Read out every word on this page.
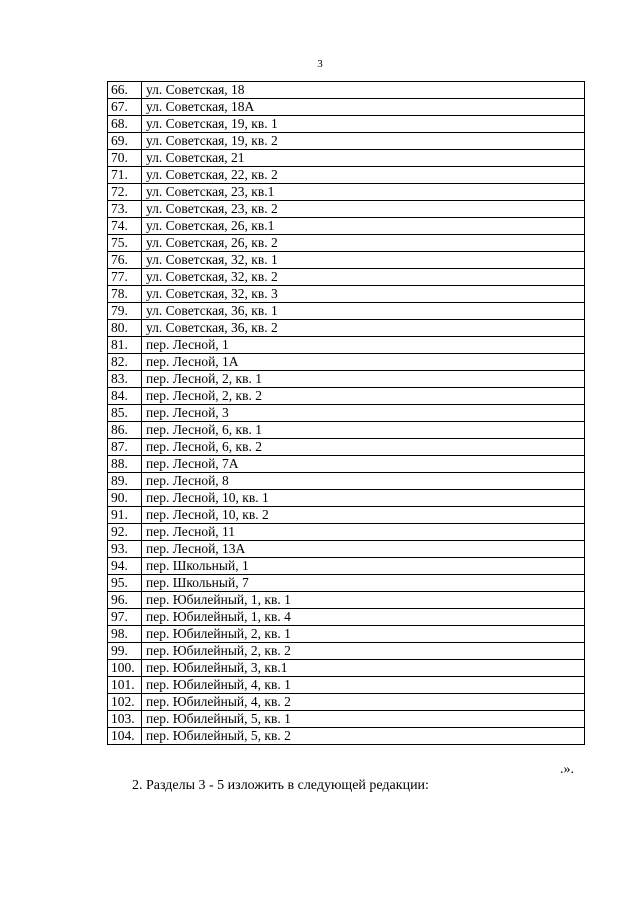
3
66.	ул. Советская, 18
67.	ул. Советская, 18А
68.	ул. Советская, 19, кв. 1
69.	ул. Советская, 19, кв. 2
70.	ул. Советская, 21
71.	ул. Советская, 22, кв. 2
72.	ул. Советская, 23, кв.1
73.	ул. Советская, 23, кв. 2
74.	ул. Советская, 26, кв.1
75.	ул. Советская, 26, кв. 2
76.	ул. Советская, 32, кв. 1
77.	ул. Советская, 32, кв. 2
78.	ул. Советская, 32, кв. 3
79.	ул. Советская, 36, кв. 1
80.	ул. Советская, 36, кв. 2
81.	пер. Лесной, 1
82.	пер. Лесной, 1А
83.	пер. Лесной, 2, кв. 1
84.	пер. Лесной, 2, кв. 2
85.	пер. Лесной, 3
86.	пер. Лесной, 6, кв. 1
87.	пер. Лесной, 6, кв. 2
88.	пер. Лесной, 7А
89.	пер. Лесной, 8
90.	пер. Лесной, 10, кв. 1
91.	пер. Лесной, 10, кв. 2
92.	пер. Лесной, 11
93.	пер. Лесной, 13А
94.	пер. Школьный, 1
95.	пер. Школьный, 7
96.	пер. Юбилейный, 1, кв. 1
97.	пер. Юбилейный, 1, кв. 4
98.	пер. Юбилейный, 2, кв. 1
99.	пер. Юбилейный, 2, кв. 2
100.	пер. Юбилейный, 3, кв.1
101.	пер. Юбилейный, 4, кв. 1
102.	пер. Юбилейный, 4, кв. 2
103.	пер. Юбилейный, 5, кв. 1
104.	пер. Юбилейный, 5, кв. 2
.».
2. Разделы 3 - 5 изложить в следующей редакции:
